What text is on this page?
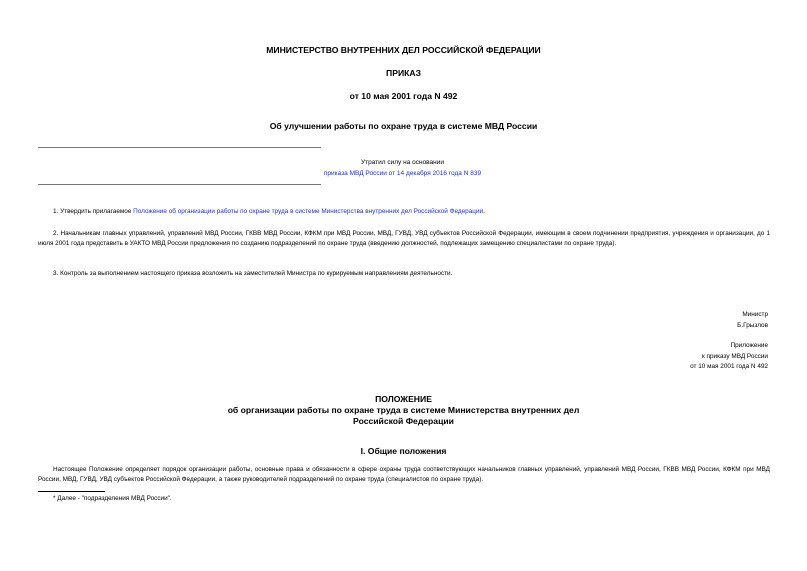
МИНИСТЕРСТВО ВНУТРЕННИХ ДЕЛ РОССИЙСКОЙ ФЕДЕРАЦИИ
ПРИКАЗ
от 10 мая 2001 года N 492
Об улучшении работы по охране труда в системе МВД России
Утратил силу на основании
приказа МВД России от 14 декабря 2016 года N 839
1. Утвердить прилагаемое Положение об организации работы по охране труда в системе Министерства внутренних дел Российской Федерации.
2. Начальникам главных управлений, управлений МВД России, ГКВВ МВД России, КФКМ при МВД России, МВД, ГУВД, УВД субъектов Российской Федерации, имеющим в своем подчинении предприятия, учреждения и организации, до 1 июля 2001 года представить в УАКТО МВД России предложения по созданию подразделений по охране труда (введению должностей, подлежащих замещению специалистами по охране труда).
3. Контроль за выполнением настоящего приказа возложить на заместителей Министра по курируемым направлениям деятельности.
Министр
Б.Грызлов
Приложение
к приказу МВД России
от 10 мая 2001 года N 492
ПОЛОЖЕНИЕ
об организации работы по охране труда в системе Министерства внутренних дел
Российской Федерации
I. Общие положения
Настоящее Положение определяет порядок организации работы, основные права и обязанности в сфере охраны труда соответствующих начальников главных управлений, управлений МВД России, ГКВВ МВД России, КФКМ при МВД России, МВД, ГУВД, УВД субъектов Российской Федерации, а также руководителей подразделений по охране труда (специалистов по охране труда).
* Далее - "подразделения МВД России".
